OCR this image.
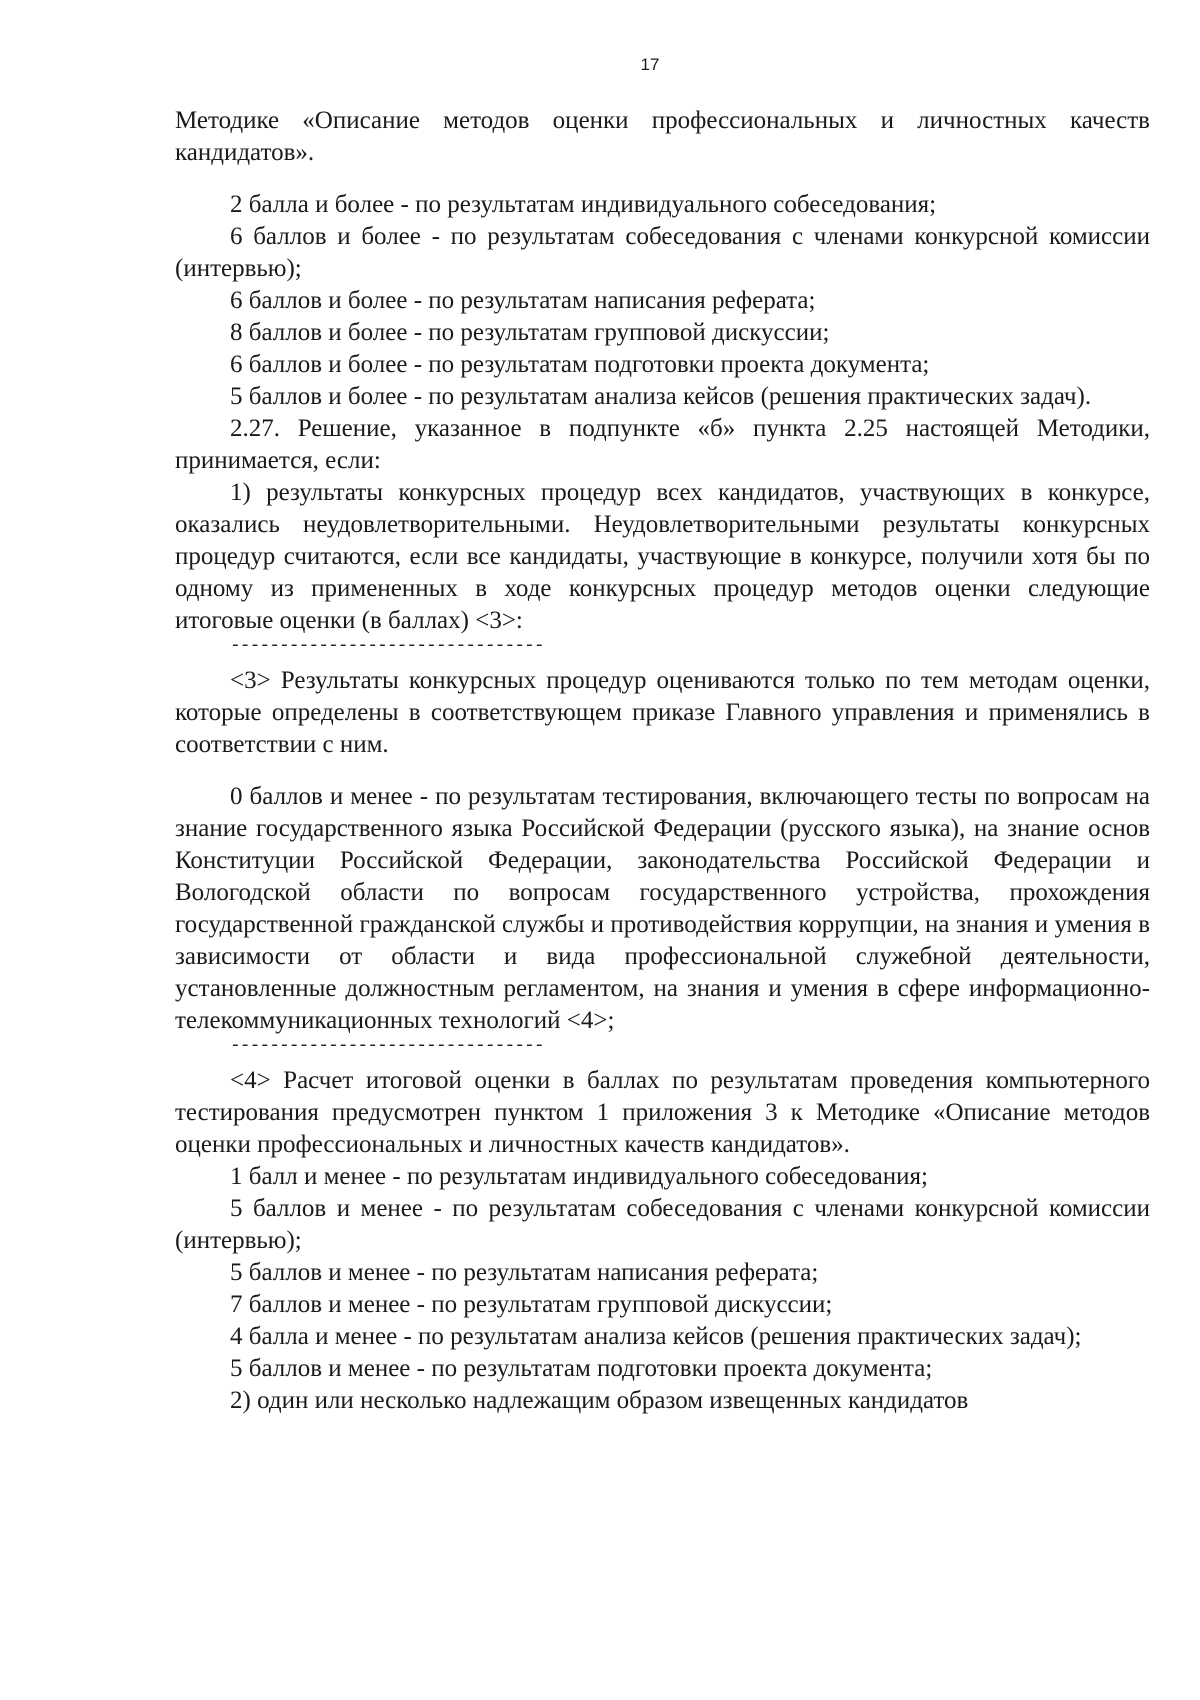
17

Методике «Описание методов оценки профессиональных и личностных качеств кандидатов».

2 балла и более - по результатам индивидуального собеседования;

6 баллов и более - по результатам собеседования с членами конкурсной комиссии (интервью);

6 баллов и более - по результатам написания реферата;

8 баллов и более - по результатам групповой дискуссии;

6 баллов и более - по результатам подготовки проекта документа;

5 баллов и более - по результатам анализа кейсов (решения практических задач).

2.27. Решение, указанное в подпункте «б» пункта 2.25 настоящей Методики, принимается, если:

1) результаты конкурсных процедур всех кандидатов, участвующих в конкурсе, оказались неудовлетворительными. Неудовлетворительными результаты конкурсных процедур считаются, если все кандидаты, участвующие в конкурсе, получили хотя бы по одному из примененных в ходе конкурсных процедур методов оценки следующие итоговые оценки (в баллах) <3>:

--------------------------------

<3> Результаты конкурсных процедур оцениваются только по тем методам оценки, которые определены в соответствующем приказе Главного управления и применялись в соответствии с ним.

0 баллов и менее - по результатам тестирования, включающего тесты по вопросам на знание государственного языка Российской Федерации (русского языка), на знание основ Конституции Российской Федерации, законодательства Российской Федерации и Вологодской области по вопросам государственного устройства, прохождения государственной гражданской службы и противодействия коррупции, на знания и умения в зависимости от области и вида профессиональной служебной деятельности, установленные должностным регламентом, на знания и умения в сфере информационно-телекоммуникационных технологий <4>;

--------------------------------

<4> Расчет итоговой оценки в баллах по результатам проведения компьютерного тестирования предусмотрен пунктом 1 приложения 3 к Методике «Описание методов оценки профессиональных и личностных качеств кандидатов».

1 балл и менее - по результатам индивидуального собеседования;

5 баллов и менее - по результатам собеседования с членами конкурсной комиссии (интервью);

5 баллов и менее - по результатам написания реферата;

7 баллов и менее - по результатам групповой дискуссии;

4 балла и менее - по результатам анализа кейсов (решения практических задач);

5 баллов и менее - по результатам подготовки проекта документа;

2) один или несколько надлежащим образом извещенных кандидатов
